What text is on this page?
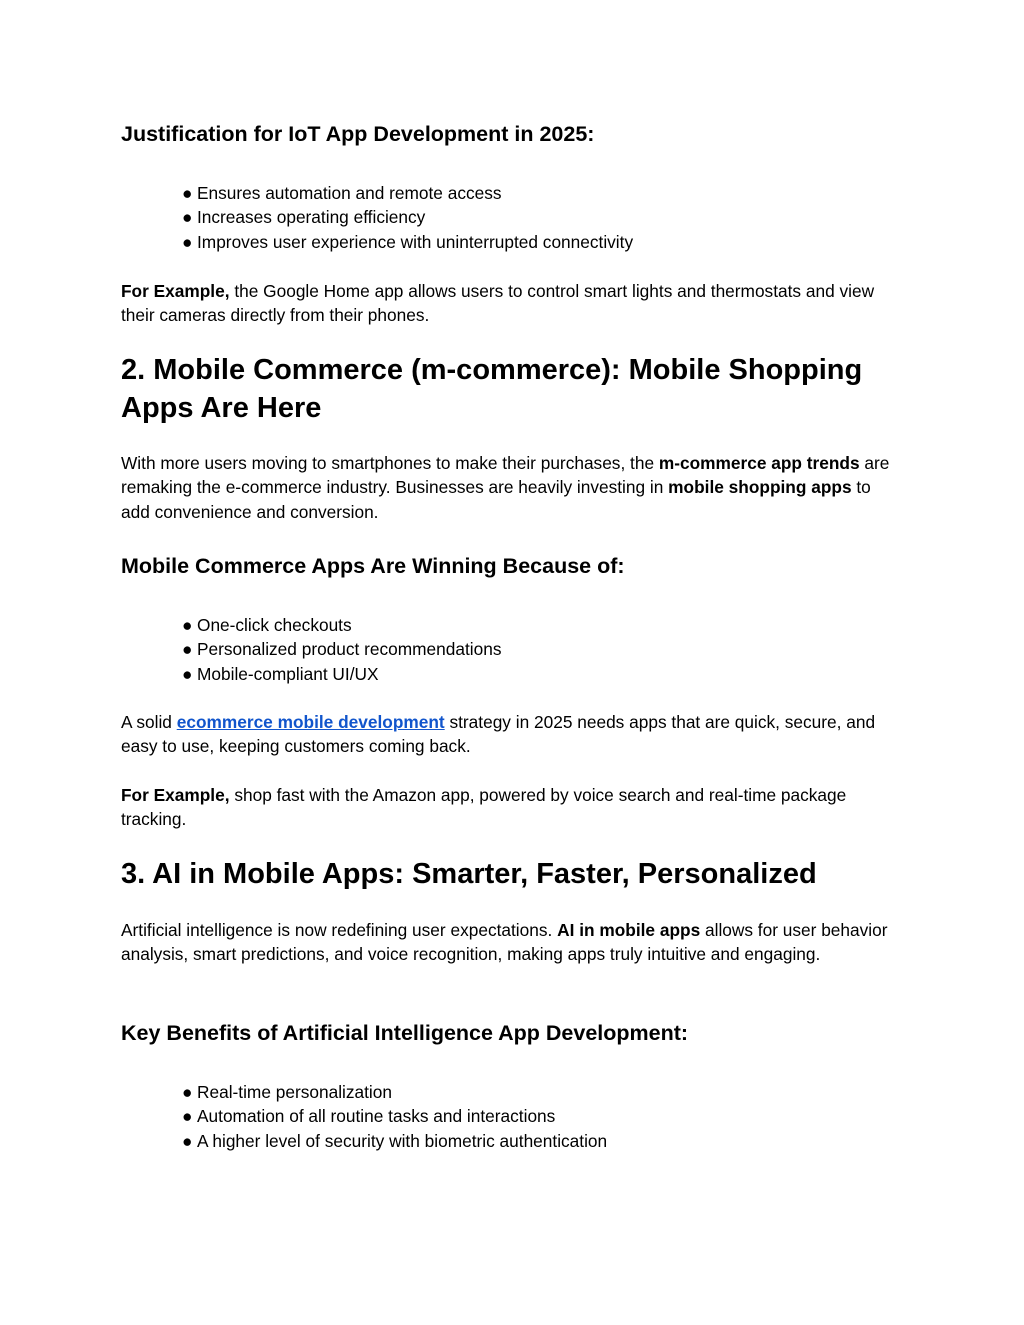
Justification for IoT App Development in 2025:
● Ensures automation and remote access
● Increases operating efficiency
● Improves user experience with uninterrupted connectivity

For Example, the Google Home app allows users to control smart lights and thermostats and view their cameras directly from their phones.

2. Mobile Commerce (m-commerce): Mobile Shopping Apps Are Here

With more users moving to smartphones to make their purchases, the m-commerce app trends are remaking the e-commerce industry. Businesses are heavily investing in mobile shopping apps to add convenience and conversion.

Mobile Commerce Apps Are Winning Because of:
● One-click checkouts
● Personalized product recommendations
● Mobile-compliant UI/UX

A solid ecommerce mobile development strategy in 2025 needs apps that are quick, secure, and easy to use, keeping customers coming back.

For Example, shop fast with the Amazon app, powered by voice search and real-time package tracking.

3. AI in Mobile Apps: Smarter, Faster, Personalized

Artificial intelligence is now redefining user expectations. AI in mobile apps allows for user behavior analysis, smart predictions, and voice recognition, making apps truly intuitive and engaging.

Key Benefits of Artificial Intelligence App Development:
● Real-time personalization
● Automation of all routine tasks and interactions
● A higher level of security with biometric authentication
